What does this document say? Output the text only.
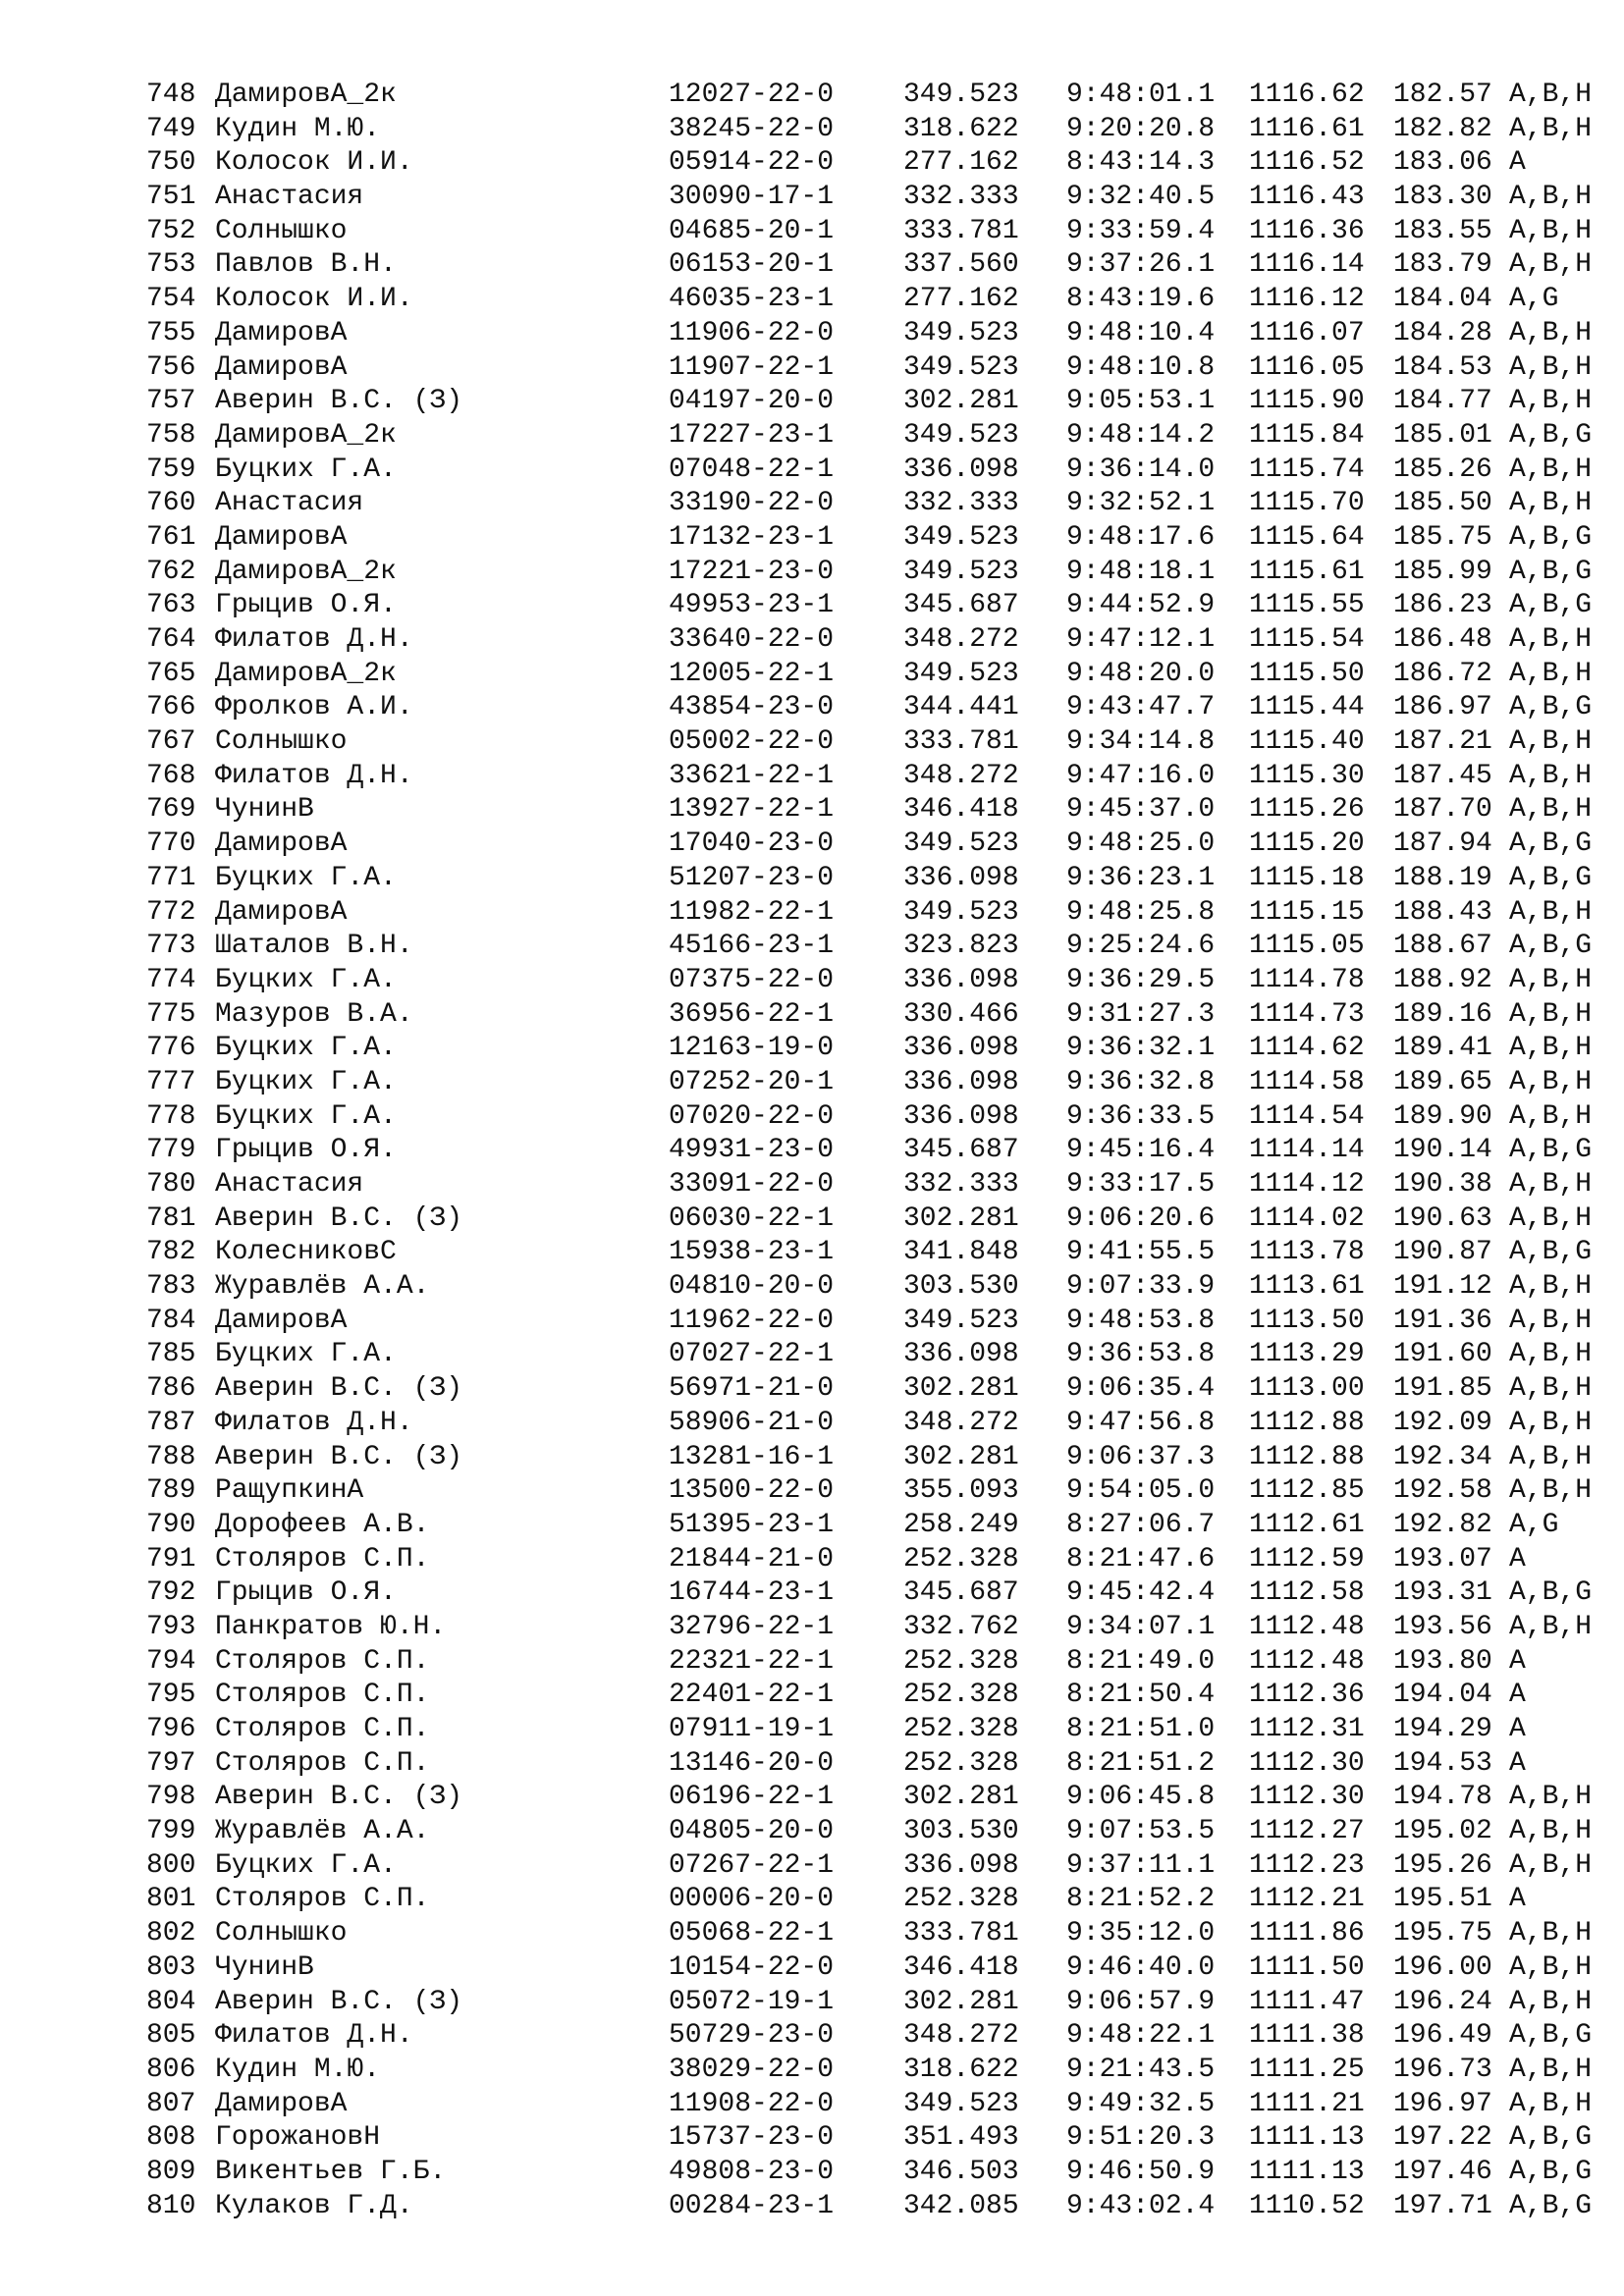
748 ДамировА_2к	12027-22-0	349.523 9:48:01.1 1116.62 182.57 A,B,H
749 Кудин М.Ю.	38245-22-0	318.622 9:20:20.8 1116.61 182.82 A,B,H
750 Колосок И.И.	05914-22-0	277.162 8:43:14.3 1116.52 183.06 A
751 Анастасия	30090-17-1	332.333 9:32:40.5 1116.43 183.30 A,B,H
752 Солнышко	04685-20-1	333.781 9:33:59.4 1116.36 183.55 A,B,H
753 Павлов В.Н.	06153-20-1	337.560 9:37:26.1 1116.14 183.79 A,B,H
754 Колосок И.И.	46035-23-1	277.162 8:43:19.6 1116.12 184.04 A,G
755 ДамировА	11906-22-0	349.523 9:48:10.4 1116.07 184.28 A,B,H
756 ДамировА	11907-22-1	349.523 9:48:10.8 1116.05 184.53 A,B,H
757 Аверин В.С. (З)	04197-20-0	302.281 9:05:53.1 1115.90 184.77 A,B,H
758 ДамировА_2к	17227-23-1	349.523 9:48:14.2 1115.84 185.01 A,B,G
759 Буцких Г.А.	07048-22-1	336.098 9:36:14.0 1115.74 185.26 A,B,H
760 Анастасия	33190-22-0	332.333 9:32:52.1 1115.70 185.50 A,B,H
761 ДамировА	17132-23-1	349.523 9:48:17.6 1115.64 185.75 A,B,G
762 ДамировА_2к	17221-23-0	349.523 9:48:18.1 1115.61 185.99 A,B,G
763 Грыцив О.Я.	49953-23-1	345.687 9:44:52.9 1115.55 186.23 A,B,G
764 Филатов Д.Н.	33640-22-0	348.272 9:47:12.1 1115.54 186.48 A,B,H
765 ДамировА_2к	12005-22-1	349.523 9:48:20.0 1115.50 186.72 A,B,H
766 Фролков А.И.	43854-23-0	344.441 9:43:47.7 1115.44 186.97 A,B,G
767 Солнышко	05002-22-0	333.781 9:34:14.8 1115.40 187.21 A,B,H
768 Филатов Д.Н.	33621-22-1	348.272 9:47:16.0 1115.30 187.45 A,B,H
769 ЧунинВ	13927-22-1	346.418 9:45:37.0 1115.26 187.70 A,B,H
770 ДамировА	17040-23-0	349.523 9:48:25.0 1115.20 187.94 A,B,G
771 Буцких Г.А.	51207-23-0	336.098 9:36:23.1 1115.18 188.19 A,B,G
772 ДамировА	11982-22-1	349.523 9:48:25.8 1115.15 188.43 A,B,H
773 Шаталов В.Н.	45166-23-1	323.823 9:25:24.6 1115.05 188.67 A,B,G
774 Буцких Г.А.	07375-22-0	336.098 9:36:29.5 1114.78 188.92 A,B,H
775 Мазуров В.А.	36956-22-1	330.466 9:31:27.3 1114.73 189.16 A,B,H
776 Буцких Г.А.	12163-19-0	336.098 9:36:32.1 1114.62 189.41 A,B,H
777 Буцких Г.А.	07252-20-1	336.098 9:36:32.8 1114.58 189.65 A,B,H
778 Буцких Г.А.	07020-22-0	336.098 9:36:33.5 1114.54 189.90 A,B,H
779 Грыцив О.Я.	49931-23-0	345.687 9:45:16.4 1114.14 190.14 A,B,G
780 Анастасия	33091-22-0	332.333 9:33:17.5 1114.12 190.38 A,B,H
781 Аверин В.С. (З)	06030-22-1	302.281 9:06:20.6 1114.02 190.63 A,B,H
782 КолесниковС	15938-23-1	341.848 9:41:55.5 1113.78 190.87 A,B,G
783 Журавлёв А.А.	04810-20-0	303.530 9:07:33.9 1113.61 191.12 A,B,H
784 ДамировА	11962-22-0	349.523 9:48:53.8 1113.50 191.36 A,B,H
785 Буцких Г.А.	07027-22-1	336.098 9:36:53.8 1113.29 191.60 A,B,H
786 Аверин В.С. (З)	56971-21-0	302.281 9:06:35.4 1113.00 191.85 A,B,H
787 Филатов Д.Н.	58906-21-0	348.272 9:47:56.8 1112.88 192.09 A,B,H
788 Аверин В.С. (З)	13281-16-1	302.281 9:06:37.3 1112.88 192.34 A,B,H
789 РащупкинА	13500-22-0	355.093 9:54:05.0 1112.85 192.58 A,B,H
790 Дорофеев А.В.	51395-23-1	258.249 8:27:06.7 1112.61 192.82 A,G
791 Столяров С.П.	21844-21-0	252.328 8:21:47.6 1112.59 193.07 A
792 Грыцив О.Я.	16744-23-1	345.687 9:45:42.4 1112.58 193.31 A,B,G
793 Панкратов Ю.Н.	32796-22-1	332.762 9:34:07.1 1112.48 193.56 A,B,H
794 Столяров С.П.	22321-22-1	252.328 8:21:49.0 1112.48 193.80 A
795 Столяров С.П.	22401-22-1	252.328 8:21:50.4 1112.36 194.04 A
796 Столяров С.П.	07911-19-1	252.328 8:21:51.0 1112.31 194.29 A
797 Столяров С.П.	13146-20-0	252.328 8:21:51.2 1112.30 194.53 A
798 Аверин В.С. (З)	06196-22-1	302.281 9:06:45.8 1112.30 194.78 A,B,H
799 Журавлёв А.А.	04805-20-0	303.530 9:07:53.5 1112.27 195.02 A,B,H
800 Буцких Г.А.	07267-22-1	336.098 9:37:11.1 1112.23 195.26 A,B,H
801 Столяров С.П.	00006-20-0	252.328 8:21:52.2 1112.21 195.51 A
802 Солнышко	05068-22-1	333.781 9:35:12.0 1111.86 195.75 A,B,H
803 ЧунинВ	10154-22-0	346.418 9:46:40.0 1111.50 196.00 A,B,H
804 Аверин В.С. (З)	05072-19-1	302.281 9:06:57.9 1111.47 196.24 A,B,H
805 Филатов Д.Н.	50729-23-0	348.272 9:48:22.1 1111.38 196.49 A,B,G
806 Кудин М.Ю.	38029-22-0	318.622 9:21:43.5 1111.25 196.73 A,B,H
807 ДамировА	11908-22-0	349.523 9:49:32.5 1111.21 196.97 A,B,H
808 ГорожановН	15737-23-0	351.493 9:51:20.3 1111.13 197.22 A,B,G
809 Викентьев Г.Б.	49808-23-0	346.503 9:46:50.9 1111.13 197.46 A,B,G
810 Кулаков Г.Д.	00284-23-1	342.085 9:43:02.4 1110.52 197.71 A,B,G
